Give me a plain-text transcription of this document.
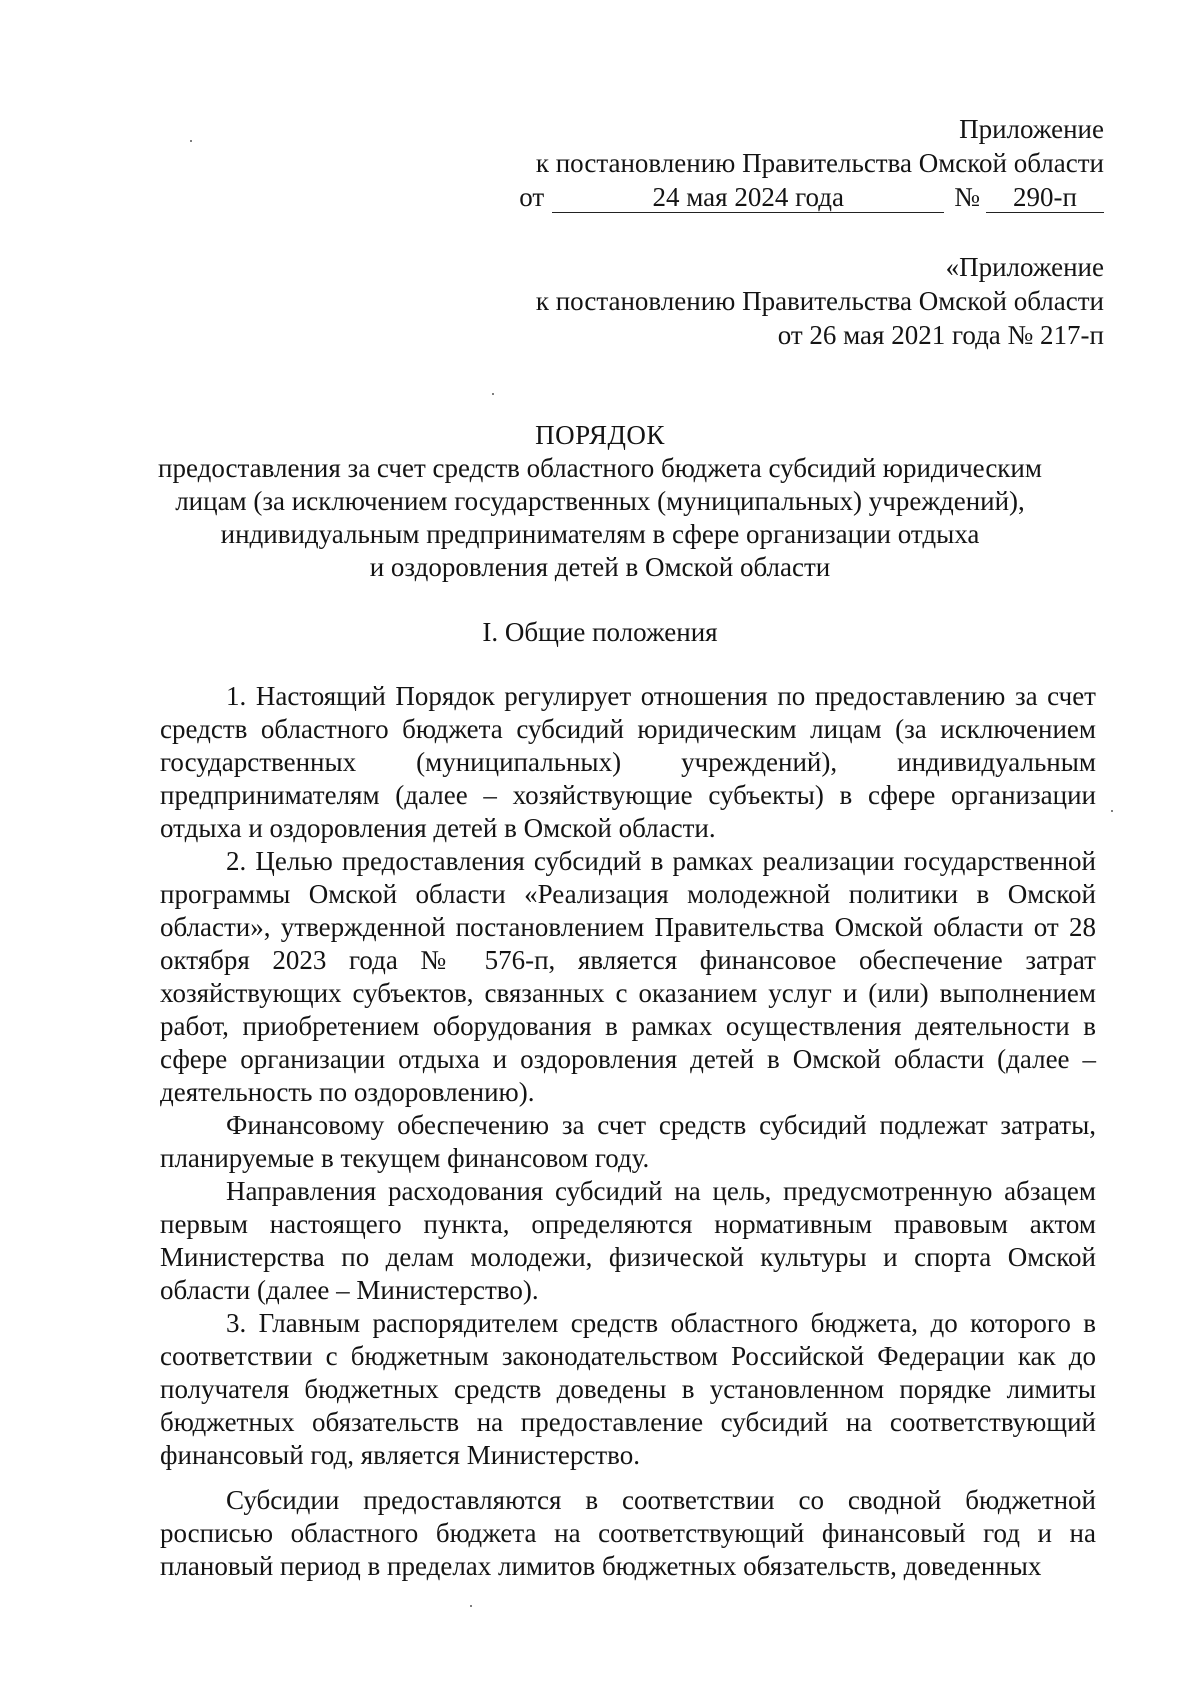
Приложение
к постановлению Правительства Омской области
от	24 мая 2024 года	№	290-п
«Приложение
к постановлению Правительства Омской области
от 26 мая 2021 года № 217-п
ПОРЯДОК
предоставления за счет средств областного бюджета субсидий юридическим
лицам (за исключением государственных (муниципальных) учреждений),
индивидуальным предпринимателям в сфере организации отдыха
и оздоровления детей в Омской области
I. Общие положения

1. Настоящий Порядок регулирует отношения по предоставлению за счет средств областного бюджета субсидий юридическим лицам (за исключением государственных (муниципальных) учреждений), индивидуальным предпринимателям (далее – хозяйствующие субъекты) в сфере организации отдыха и оздоровления детей в Омской области.

2. Целью предоставления субсидий в рамках реализации государственной программы Омской области «Реализация молодежной политики в Омской области», утвержденной постановлением Правительства Омской области от 28 октября 2023 года № 576-п, является финансовое обеспечение затрат хозяйствующих субъектов, связанных с оказанием услуг и (или) выполнением работ, приобретением оборудования в рамках осуществления деятельности в сфере организации отдыха и оздоровления детей в Омской области (далее – деятельность по оздоровлению).

Финансовому обеспечению за счет средств субсидий подлежат затраты, планируемые в текущем финансовом году.

Направления расходования субсидий на цель, предусмотренную абзацем первым настоящего пункта, определяются нормативным правовым актом Министерства по делам молодежи, физической культуры и спорта Омской области (далее – Министерство).

3. Главным распорядителем средств областного бюджета, до которого в соответствии с бюджетным законодательством Российской Федерации как до получателя бюджетных средств доведены в установленном порядке лимиты бюджетных обязательств на предоставление субсидий на соответствующий финансовый год, является Министерство.

Субсидии предоставляются в соответствии со сводной бюджетной росписью областного бюджета на соответствующий финансовый год и на плановый период в пределах лимитов бюджетных обязательств, доведенных
